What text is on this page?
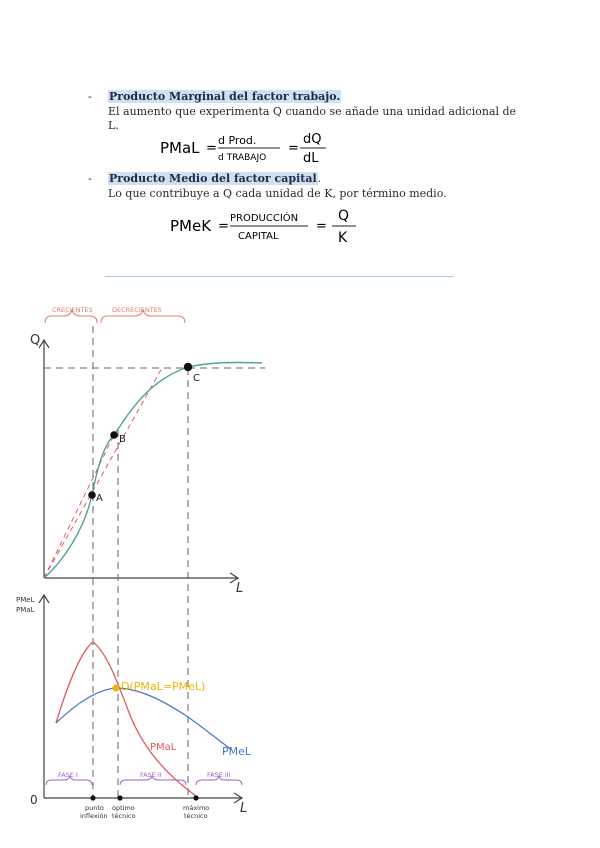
- Producto Marginal del factor trabajo.
El aumento que experimenta Q cuando se añade una unidad adicional de L.
PMaL =
d Prod.
d TRABAJO
=
dQ
dL
- Producto Medio del factor capital.
Lo que contribuye a Q cada unidad de K, por término medio.
PMeK =
PRODUCCIÓN
CAPITAL
=
Q
K
CRECIENTES	DECRECIENTES
Q
L
A
B
C
PMeL
PMaL
L
0
D(PMaL=PMeL)
PMaL	PMeL
FASE I	FASE II	FASE III
punto
inflexión
óptimo
técnico
máximo
técnico
